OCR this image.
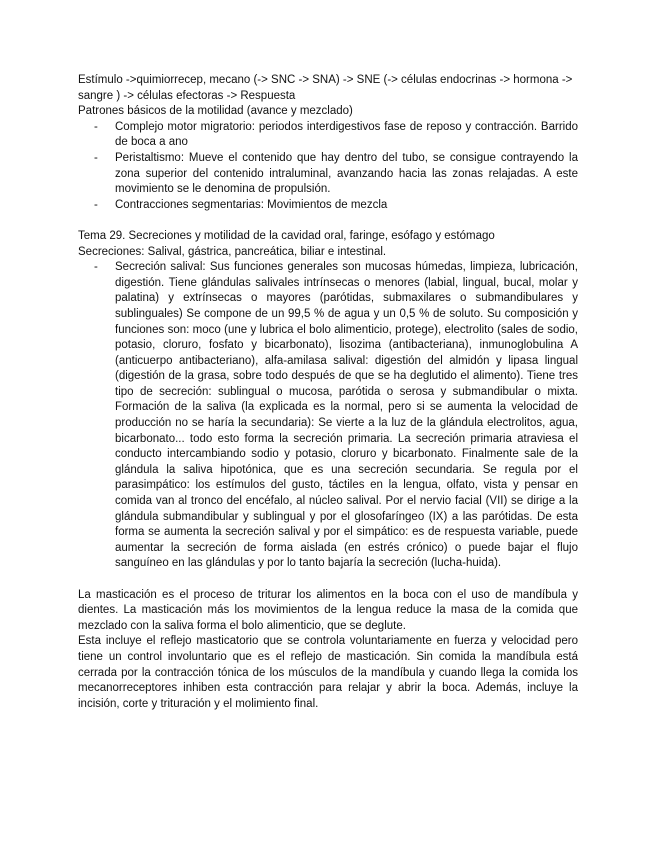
Estímulo ->quimiorrecep, mecano (-> SNC -> SNA) -> SNE (-> células endocrinas -> hormona -> sangre ) -> células efectoras -> Respuesta

Patrones básicos de la motilidad (avance y mezclado)

- Complejo motor migratorio: periodos interdigestivos fase de reposo y contracción. Barrido de boca a ano
- Peristaltismo: Mueve el contenido que hay dentro del tubo, se consigue contrayendo la zona superior del contenido intraluminal, avanzando hacia las zonas relajadas. A este movimiento se le denomina de propulsión.
- Contracciones segmentarias: Movimientos de mezcla

Tema 29. Secreciones y motilidad de la cavidad oral, faringe, esófago y estómago

Secreciones: Salival, gástrica, pancreática, biliar e intestinal.

- Secreción salival: Sus funciones generales son mucosas húmedas, limpieza, lubricación, digestión. Tiene glándulas salivales intrínsecas o menores (labial, lingual, bucal, molar y palatina) y extrínsecas o mayores (parótidas, submaxilares o submandibulares y sublinguales) Se compone de un 99,5 % de agua y un 0,5 % de soluto. Su composición y funciones son: moco (une y lubrica el bolo alimenticio, protege), electrolito (sales de sodio, potasio, cloruro, fosfato y bicarbonato), lisozima (antibacteriana), inmunoglobulina A (anticuerpo antibacteriano), alfa-amilasa salival: digestión del almidón y lipasa lingual (digestión de la grasa, sobre todo después de que se ha deglutido el alimento). Tiene tres tipo de secreción: sublingual o mucosa, parótida o serosa y submandibular o mixta. Formación de la saliva (la explicada es la normal, pero si se aumenta la velocidad de producción no se haría la secundaria): Se vierte a la luz de la glándula electrolitos, agua, bicarbonato... todo esto forma la secreción primaria. La secreción primaria atraviesa el conducto intercambiando sodio y potasio, cloruro y bicarbonato. Finalmente sale de la glándula la saliva hipotónica, que es una secreción secundaria. Se regula por el parasimpático: los estímulos del gusto, táctiles en la lengua, olfato, vista y pensar en comida van al tronco del encéfalo, al núcleo salival. Por el nervio facial (VII) se dirige a la glándula submandibular y sublingual y por el glosofaríngeo (IX) a las parótidas. De esta forma se aumenta la secreción salival y por el simpático: es de respuesta variable, puede aumentar la secreción de forma aislada (en estrés crónico) o puede bajar el flujo sanguíneo en las glándulas y por lo tanto bajaría la secreción (lucha-huida).

La masticación es el proceso de triturar los alimentos en la boca con el uso de mandíbula y dientes. La masticación más los movimientos de la lengua reduce la masa de la comida que mezclado con la saliva forma el bolo alimenticio, que se deglute.

Esta incluye el reflejo masticatorio que se controla voluntariamente en fuerza y velocidad pero tiene un control involuntario que es el reflejo de masticación. Sin comida la mandíbula está cerrada por la contracción tónica de los músculos de la mandíbula y cuando llega la comida los mecanorreceptores inhiben esta contracción para relajar y abrir la boca. Además, incluye la incisión, corte y trituración y el molimiento final.
